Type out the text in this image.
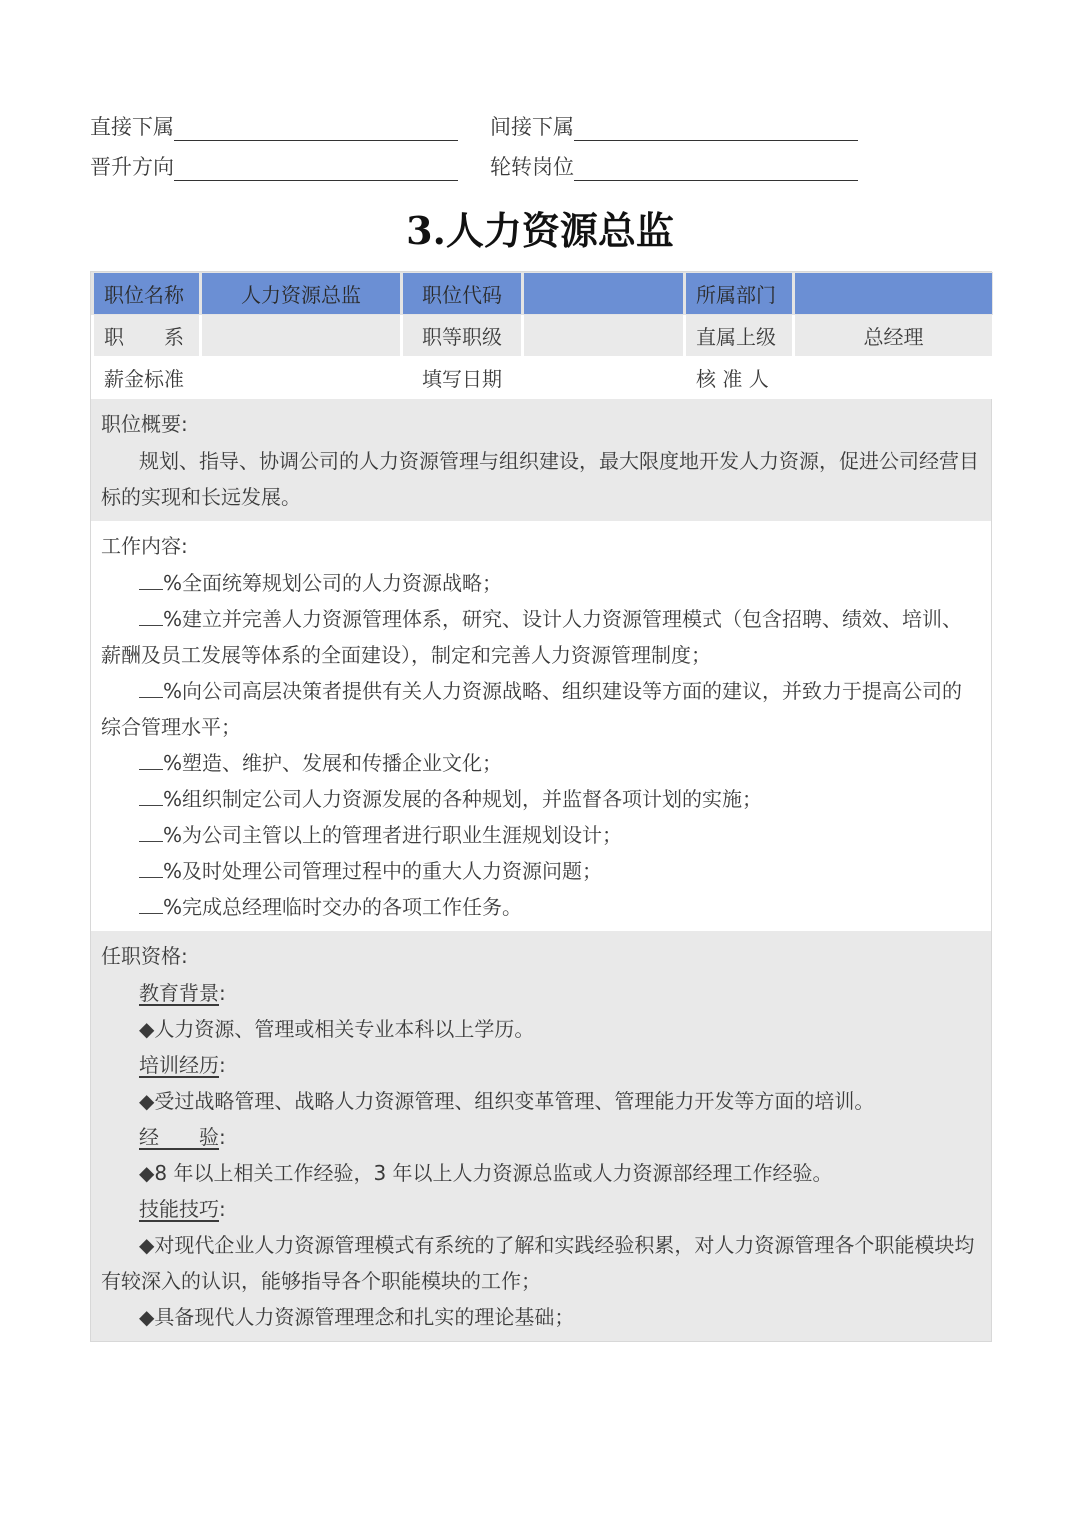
直接下属	间接下属
晋升方向	轮转岗位
3.人力资源总监
职位名称	人力资源总监	职位代码		所属部门	
职　　系		职等职级		直属上级	总经理
薪金标准		填写日期		核 准 人	
职位概要:

规划、指导、协调公司的人力资源管理与组织建设，最大限度地开发人力资源，促进公司经营目标的实现和长远发展。

工作内容:

%全面统筹规划公司的人力资源战略；

%建立并完善人力资源管理体系，研究、设计人力资源管理模式（包含招聘、绩效、培训、薪酬及员工发展等体系的全面建设），制定和完善人力资源管理制度；

%向公司高层决策者提供有关人力资源战略、组织建设等方面的建议，并致力于提高公司的综合管理水平；

%塑造、维护、发展和传播企业文化；

%组织制定公司人力资源发展的各种规划，并监督各项计划的实施；

%为公司主管以上的管理者进行职业生涯规划设计；

%及时处理公司管理过程中的重大人力资源问题；

%完成总经理临时交办的各项工作任务。

任职资格:

教育背景:

◆人力资源、管理或相关专业本科以上学历。

培训经历:

◆受过战略管理、战略人力资源管理、组织变革管理、管理能力开发等方面的培训。

经　　验:

◆8 年以上相关工作经验，3 年以上人力资源总监或人力资源部经理工作经验。

技能技巧:

◆对现代企业人力资源管理模式有系统的了解和实践经验积累，对人力资源管理各个职能模块均有较深入的认识，能够指导各个职能模块的工作；

◆具备现代人力资源管理理念和扎实的理论基础；
